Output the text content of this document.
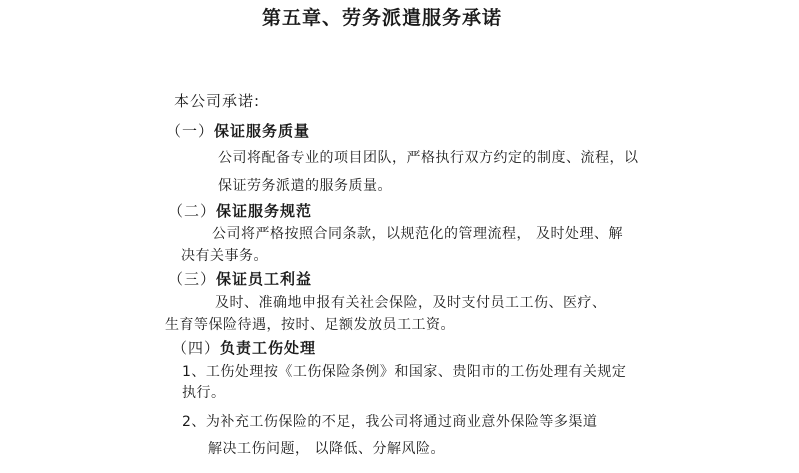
第五章、劳务派遣服务承诺
本公司承诺:
（一）保证服务质量
公司将配备专业的项目团队，严格执行双方约定的制度、流程，以
保证劳务派遣的服务质量。
（二）保证服务规范
公司将严格按照合同条款，以规范化的管理流程， 及时处理、解
决有关事务。
（三）保证员工利益
及时、准确地申报有关社会保险，及时支付员工工伤、医疗、
生育等保险待遇，按时、足额发放员工工资。
（四）负责工伤处理
1、工伤处理按《工伤保险条例》和国家、贵阳市的工伤处理有关规定
执行。
2、为补充工伤保险的不足，我公司将通过商业意外保险等多渠道
解决工伤问题， 以降低、分解风险。
